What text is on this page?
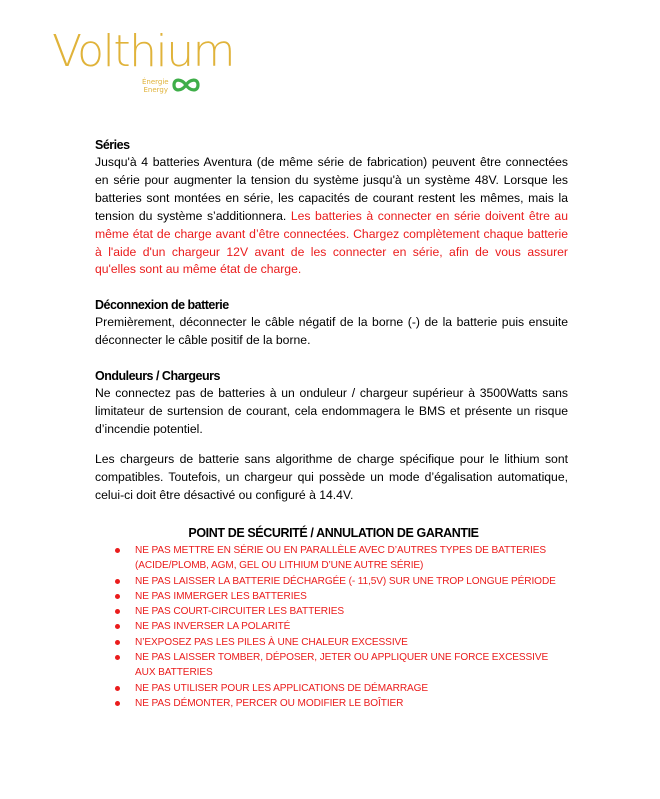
Volthium
Énergie
Energy
Séries

Jusqu'à 4 batteries Aventura (de même série de fabrication) peuvent être connectées en série pour augmenter la tension du système jusqu'à un système 48V. Lorsque les batteries sont montées en série, les capacités de courant restent les mêmes, mais la tension du système s’additionnera. Les batteries à connecter en série doivent être au même état de charge avant d’être connectées. Chargez complètement chaque batterie à l'aide d'un chargeur 12V avant de les connecter en série, afin de vous assurer qu'elles sont au même état de charge.

Déconnexion de batterie

Premièrement, déconnecter le câble négatif de la borne (-) de la batterie puis ensuite déconnecter le câble positif de la borne.

Onduleurs / Chargeurs

Ne connectez pas de batteries à un onduleur / chargeur supérieur à 3500Watts sans limitateur de surtension de courant, cela endommagera le BMS et présente un risque d’incendie potentiel.

Les chargeurs de batterie sans algorithme de charge spécifique pour le lithium sont compatibles. Toutefois, un chargeur qui possède un mode d’égalisation automatique, celui-ci doit être désactivé ou configuré à 14.4V.

POINT DE SÉCURITÉ / ANNULATION DE GARANTIE
NE PAS METTRE EN SÉRIE OU EN PARALLÈLE AVEC D’AUTRES TYPES DE BATTERIES (ACIDE/PLOMB, AGM, GEL OU LITHIUM D’UNE AUTRE SÉRIE)
NE PAS LAISSER LA BATTERIE DÉCHARGÉE (- 11,5V) SUR UNE TROP LONGUE PÉRIODE
NE PAS IMMERGER LES BATTERIES
NE PAS COURT-CIRCUITER LES BATTERIES
NE PAS INVERSER LA POLARITÉ
N’EXPOSEZ PAS LES PILES À UNE CHALEUR EXCESSIVE
NE PAS LAISSER TOMBER, DÉPOSER, JETER OU APPLIQUER UNE FORCE EXCESSIVE AUX BATTERIES
NE PAS UTILISER POUR LES APPLICATIONS DE DÉMARRAGE
NE PAS DÉMONTER, PERCER OU MODIFIER LE BOÎTIER
